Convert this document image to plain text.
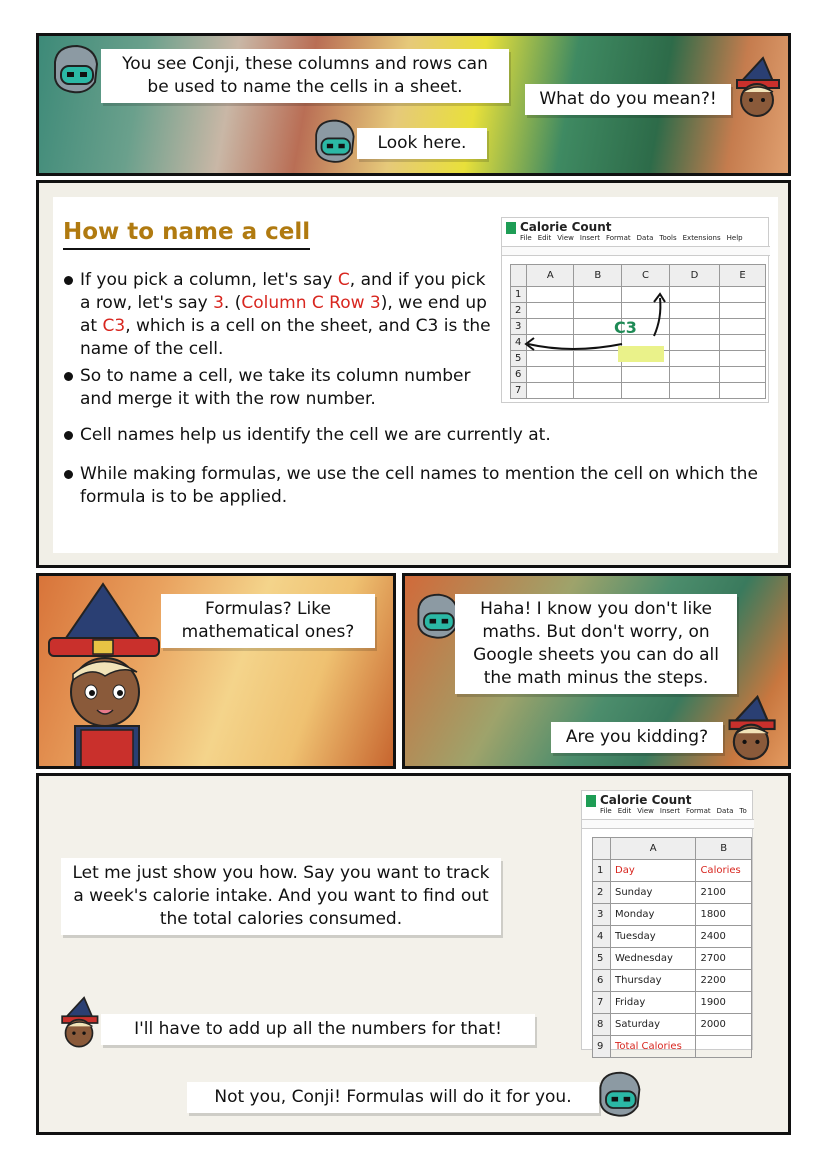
You see Conji, these columns and rows can be used to name the cells in a sheet.
What do you mean?!
Look here.
How to name a cell
If you pick a column, let's say C, and if you pick a row, let's say 3. (Column C Row 3), we end up at C3, which is a cell on the sheet, and C3 is the name of the cell.
So to name a cell, we take its column number and merge it with the row number.
Cell names help us identify the cell we are currently at.
While making formulas, we use the cell names to mention the cell on which the formula is to be applied.
Calorie Count
File Edit View Insert Format Data Tools Extensions Help
	A	B	C	D	E
1					
2					
3					
4					
5					
6					
7					
C3
Formulas? Like mathematical ones?
Haha! I know you don't like maths. But don't worry, on Google sheets you can do all the math minus the steps.
Are you kidding?
Let me just show you how. Say you want to track a week's calorie intake. And you want to find out the total calories consumed.
I'll have to add up all the numbers for that!
Not you, Conji! Formulas will do it for you.
Calorie Count
File Edit View Insert Format Data To
	A	B
1	Day	Calories
2	Sunday	2100
3	Monday	1800
4	Tuesday	2400
5	Wednesday	2700
6	Thursday	2200
7	Friday	1900
8	Saturday	2000
9	Total Calories	
